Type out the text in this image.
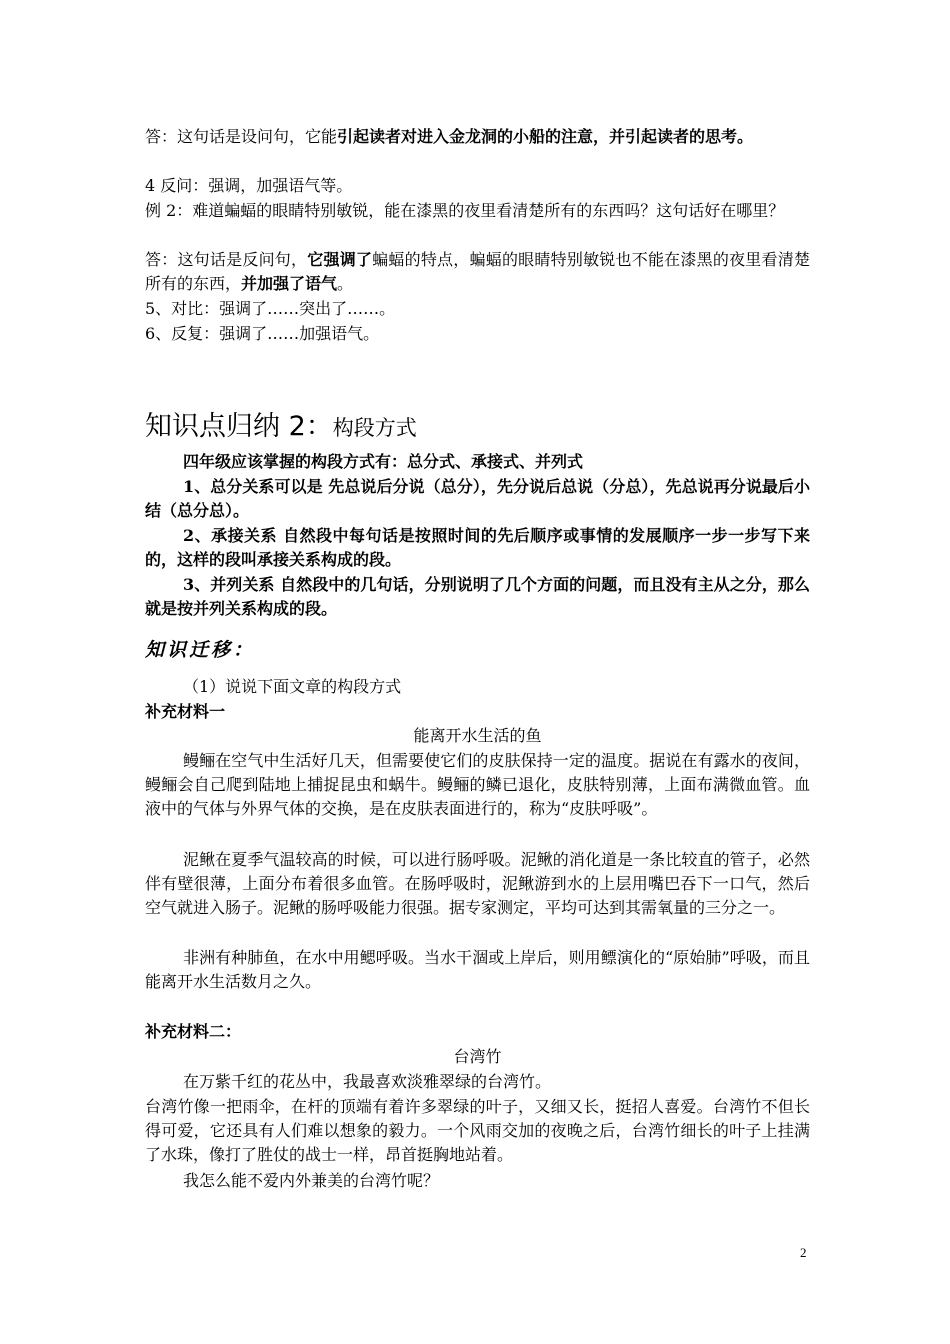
答：这句话是设问句，它能引起读者对进入金龙洞的小船的注意，并引起读者的思考。

4 反问：强调，加强语气等。

例 2：难道蝙蝠的眼睛特别敏锐，能在漆黑的夜里看清楚所有的东西吗？这句话好在哪里？

答：这句话是反问句，它强调了蝙蝠的特点，蝙蝠的眼睛特别敏锐也不能在漆黑的夜里看清楚所有的东西，并加强了语气。

5、对比：强调了……突出了……。

6、反复：强调了……加强语气。

知识点归纳 2：构段方式

四年级应该掌握的构段方式有：总分式、承接式、并列式

1、总分关系可以是 先总说后分说（总分），先分说后总说（分总），先总说再分说最后小结（总分总）。

2、承接关系 自然段中每句话是按照时间的先后顺序或事情的发展顺序一步一步写下来的，这样的段叫承接关系构成的段。

3、并列关系 自然段中的几句话，分别说明了几个方面的问题，而且没有主从之分，那么就是按并列关系构成的段。

知识迁移：

（1）说说下面文章的构段方式

补充材料一

能离开水生活的鱼

鳗鲡在空气中生活好几天，但需要使它们的皮肤保持一定的温度。据说在有露水的夜间，鳗鲡会自己爬到陆地上捕捉昆虫和蜗牛。鳗鲡的鳞已退化，皮肤特别薄，上面布满微血管。血液中的气体与外界气体的交换，是在皮肤表面进行的，称为“皮肤呼吸”。

泥鳅在夏季气温较高的时候，可以进行肠呼吸。泥鳅的消化道是一条比较直的管子，必然伴有壁很薄，上面分布着很多血管。在肠呼吸时，泥鳅游到水的上层用嘴巴吞下一口气，然后空气就进入肠子。泥鳅的肠呼吸能力很强。据专家测定，平均可达到其需氧量的三分之一。

非洲有种肺鱼，在水中用鳃呼吸。当水干涸或上岸后，则用鳔演化的“原始肺”呼吸，而且能离开水生活数月之久。

补充材料二：

台湾竹

在万紫千红的花丛中，我最喜欢淡雅翠绿的台湾竹。

台湾竹像一把雨伞，在杆的顶端有着许多翠绿的叶子，又细又长，挺招人喜爱。台湾竹不但长得可爱，它还具有人们难以想象的毅力。一个风雨交加的夜晚之后，台湾竹细长的叶子上挂满了水珠，像打了胜仗的战士一样，昂首挺胸地站着。

我怎么能不爱内外兼美的台湾竹呢？

2
